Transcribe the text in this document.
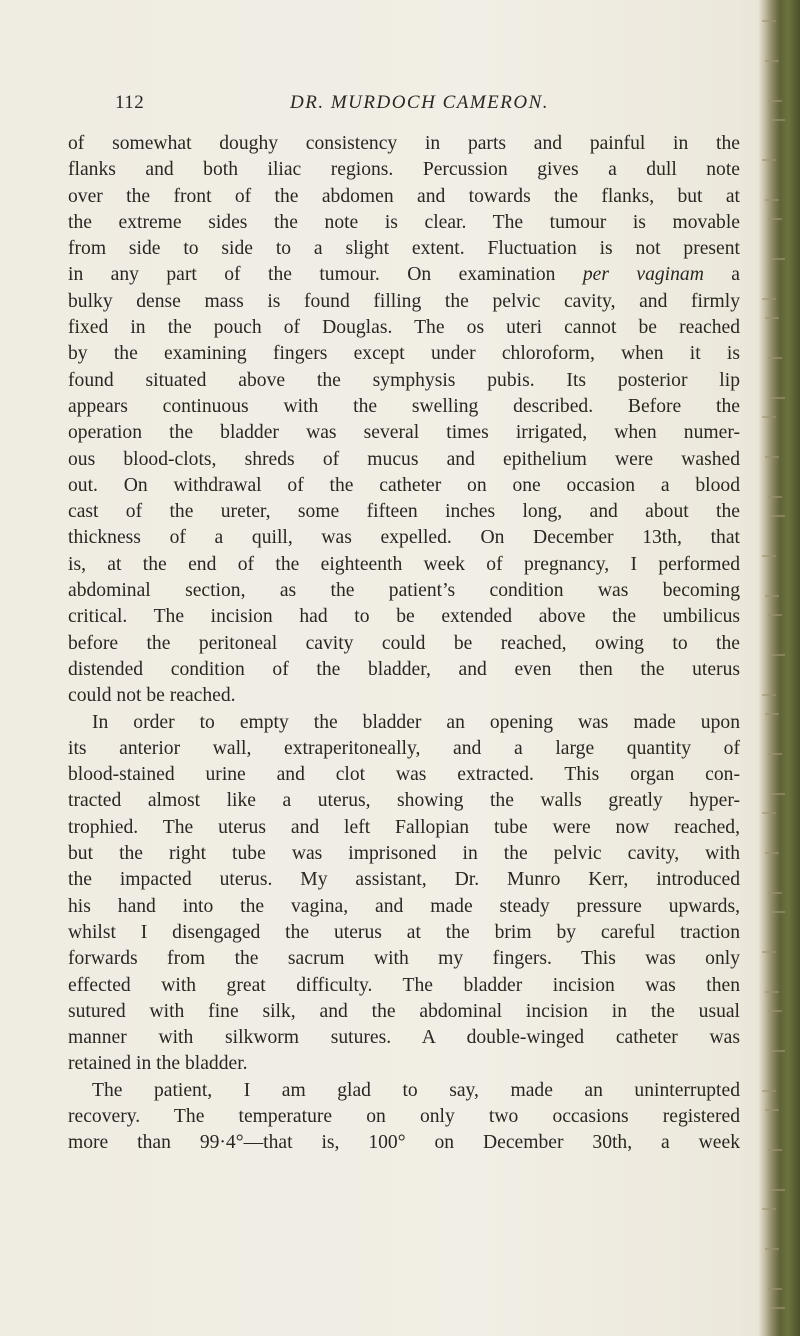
112	DR. MURDOCH CAMERON.
of somewhat doughy consistency in parts and painful in the
flanks and both iliac regions. Percussion gives a dull note
over the front of the abdomen and towards the flanks, but at
the extreme sides the note is clear. The tumour is movable
from side to side to a slight extent. Fluctuation is not present
in any part of the tumour. On examination per vaginam a
bulky dense mass is found filling the pelvic cavity, and firmly
fixed in the pouch of Douglas. The os uteri cannot be reached
by the examining fingers except under chloroform, when it is
found situated above the symphysis pubis. Its posterior lip
appears continuous with the swelling described. Before the
operation the bladder was several times irrigated, when numer-
ous blood-clots, shreds of mucus and epithelium were washed
out. On withdrawal of the catheter on one occasion a blood
cast of the ureter, some fifteen inches long, and about the
thickness of a quill, was expelled. On December 13th, that
is, at the end of the eighteenth week of pregnancy, I performed
abdominal section, as the patient’s condition was becoming
critical. The incision had to be extended above the umbilicus
before the peritoneal cavity could be reached, owing to the
distended condition of the bladder, and even then the uterus
could not be reached.
In order to empty the bladder an opening was made upon
its anterior wall, extraperitoneally, and a large quantity of
blood-stained urine and clot was extracted. This organ con-
tracted almost like a uterus, showing the walls greatly hyper-
trophied. The uterus and left Fallopian tube were now reached,
but the right tube was imprisoned in the pelvic cavity, with
the impacted uterus. My assistant, Dr. Munro Kerr, introduced
his hand into the vagina, and made steady pressure upwards,
whilst I disengaged the uterus at the brim by careful traction
forwards from the sacrum with my fingers. This was only
effected with great difficulty. The bladder incision was then
sutured with fine silk, and the abdominal incision in the usual
manner with silkworm sutures. A double-winged catheter was
retained in the bladder.
The patient, I am glad to say, made an uninterrupted
recovery. The temperature on only two occasions registered
more than 99·4°—that is, 100° on December 30th, a week
